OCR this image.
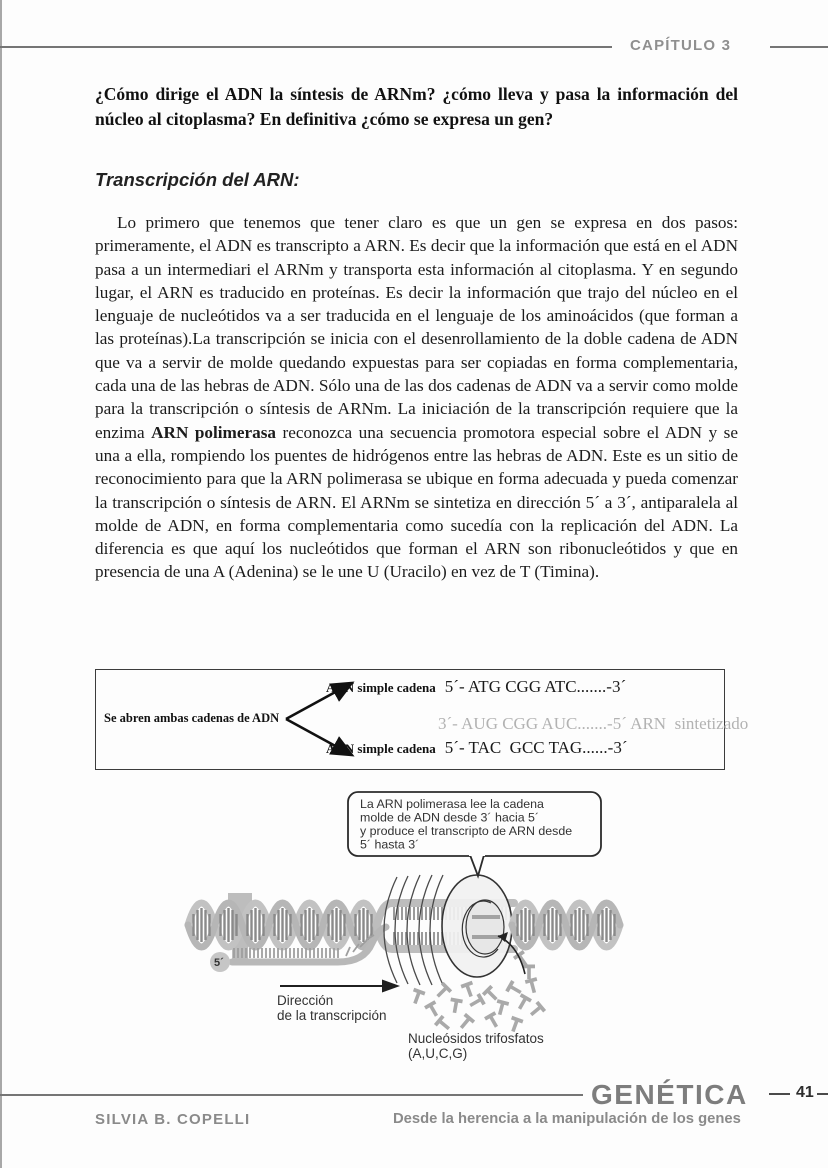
CAPÍTULO 3

¿Cómo dirige el ADN la síntesis de ARNm? ¿cómo lleva y pasa la información del núcleo al citoplasma? En definitiva ¿cómo se expresa un gen?

Transcripción del ARN:

Lo primero que tenemos que tener claro es que un gen se expresa en dos pasos: primeramente, el ADN es transcripto a ARN. Es decir que la información que está en el ADN pasa a un intermediari el ARNm y transporta esta información al citoplasma. Y en segundo lugar, el ARN es traducido en proteínas. Es decir la información que trajo del núcleo en el lenguaje de nucleótidos va a ser traducida en el lenguaje de los aminoácidos (que forman a las proteínas).La transcripción se inicia con el desenrollamiento de la doble cadena de ADN que va a servir de molde quedando expuestas para ser copiadas en forma complementaria, cada una de las hebras de ADN. Sólo una de las dos cadenas de ADN va a servir como molde para la transcripción o síntesis de ARNm. La iniciación de la transcripción requiere que la enzima ARN polimerasa reconozca una secuencia promotora especial sobre el ADN y se una a ella, rompiendo los puentes de hidrógenos entre las hebras de ADN. Este es un sitio de reconocimiento para que la ARN polimerasa se ubique en forma adecuada y pueda comenzar la transcripción o síntesis de ARN. El ARNm se sintetiza en dirección 5´ a 3´, antiparalela al molde de ADN, en forma complementaria como sucedía con la replicación del ADN. La diferencia es que aquí los nucleótidos que forman el ARN son ribonucleótidos y que en presencia de una A (Adenina) se le une U (Uracilo) en vez de T (Timina).

Se abren ambas cadenas de ADN
ADN simple cadena 5´- ATG CGG ATC.......-3´
3´- AUG CGG AUC.......-5´ ARN  sintetizado
ADN simple cadena 5´- TAC  GCC TAG......-3´
5´
Dirección
de la transcripción
Nucleósidos trifosfatos
(A,U,C,G)
La ARN polimerasa lee la cadena
molde de ADN desde 3´ hacia 5´
y produce el transcripto de ARN desde
5´ hasta 3´

GENÉTICA	41
SILVIA B. COPELLI	Desde la herencia a la manipulación de los genes
